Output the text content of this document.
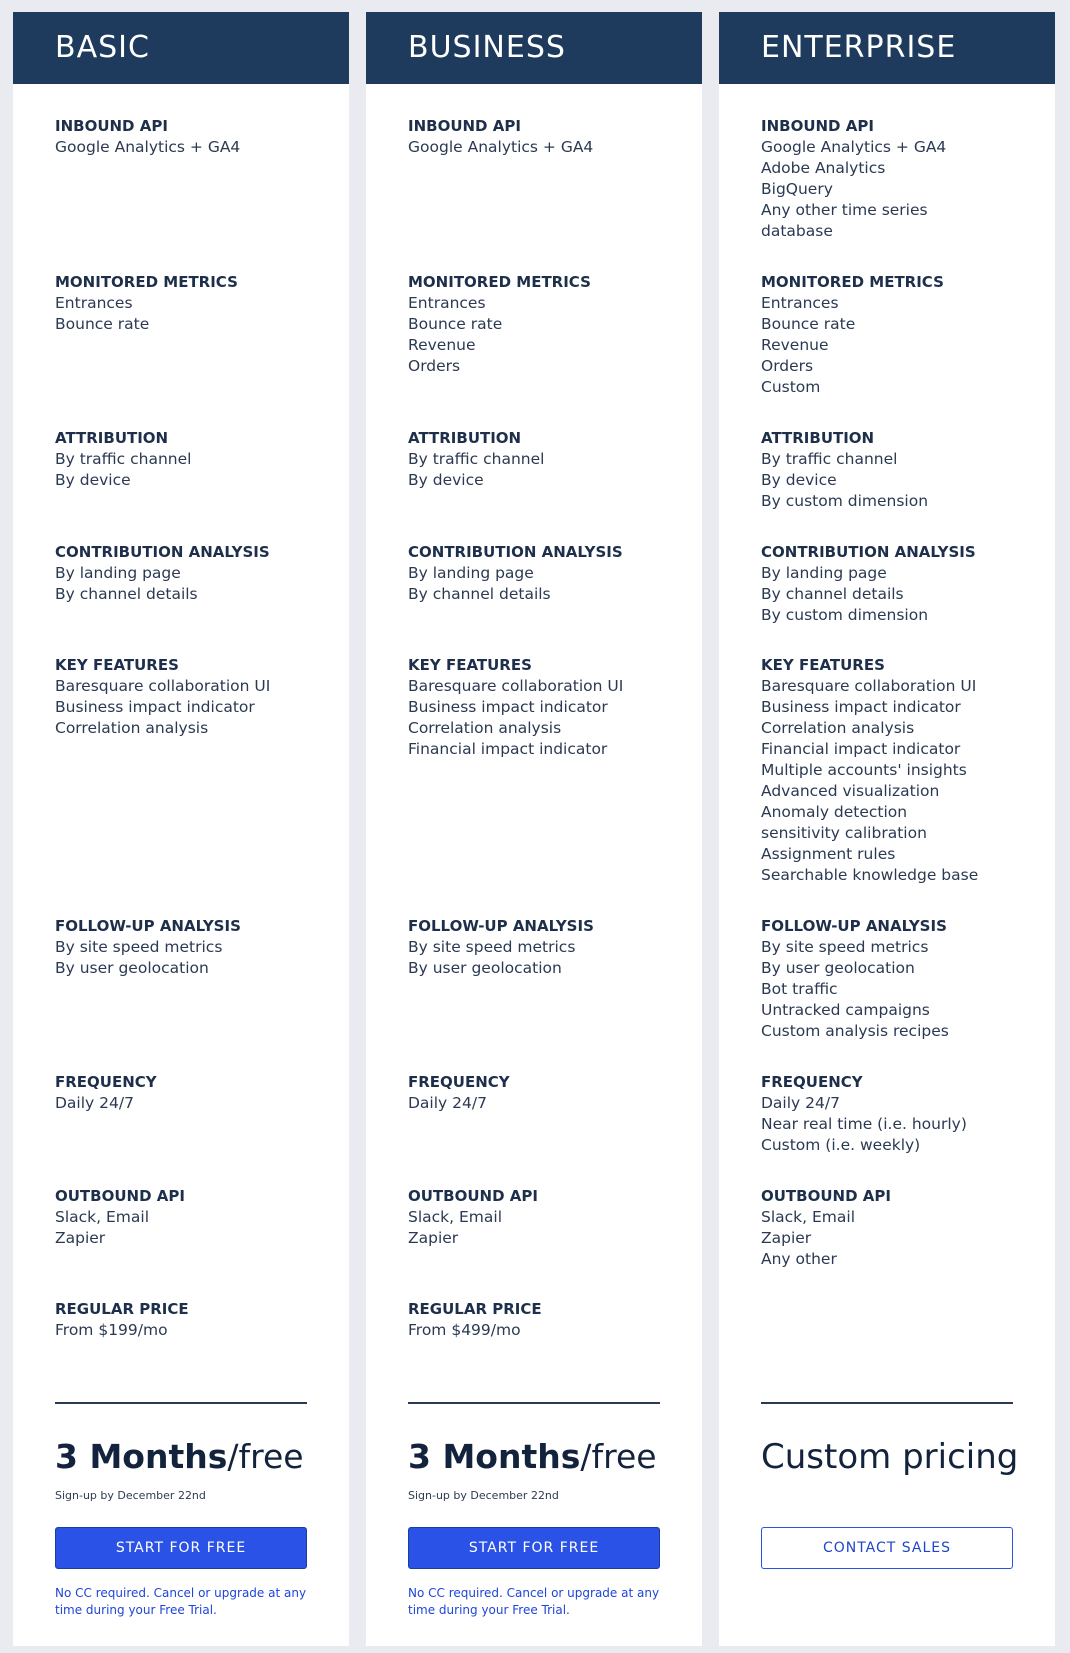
BASIC
INBOUND API
Google Analytics + GA4
MONITORED METRICS
Entrances
Bounce rate
ATTRIBUTION
By traffic channel
By device
CONTRIBUTION ANALYSIS
By landing page
By channel details
KEY FEATURES
Baresquare collaboration UI
Business impact indicator
Correlation analysis
FOLLOW-UP ANALYSIS
By site speed metrics
By user geolocation
FREQUENCY
Daily 24/7
OUTBOUND API
Slack, Email
Zapier
REGULAR PRICE
From $199/mo
3 Months/free
Sign-up by December 22nd
START FOR FREE
No CC required. Cancel or upgrade at any time during your Free Trial.
BUSINESS
INBOUND API
Google Analytics + GA4
MONITORED METRICS
Entrances
Bounce rate
Revenue
Orders
ATTRIBUTION
By traffic channel
By device
CONTRIBUTION ANALYSIS
By landing page
By channel details
KEY FEATURES
Baresquare collaboration UI
Business impact indicator
Correlation analysis
Financial impact indicator
FOLLOW-UP ANALYSIS
By site speed metrics
By user geolocation
FREQUENCY
Daily 24/7
OUTBOUND API
Slack, Email
Zapier
REGULAR PRICE
From $499/mo
3 Months/free
Sign-up by December 22nd
START FOR FREE
No CC required. Cancel or upgrade at any time during your Free Trial.
ENTERPRISE
INBOUND API
Google Analytics + GA4
Adobe Analytics
BigQuery
Any other time series
database
MONITORED METRICS
Entrances
Bounce rate
Revenue
Orders
Custom
ATTRIBUTION
By traffic channel
By device
By custom dimension
CONTRIBUTION ANALYSIS
By landing page
By channel details
By custom dimension
KEY FEATURES
Baresquare collaboration UI
Business impact indicator
Correlation analysis
Financial impact indicator
Multiple accounts' insights
Advanced visualization
Anomaly detection
sensitivity calibration
Assignment rules
Searchable knowledge base
FOLLOW-UP ANALYSIS
By site speed metrics
By user geolocation
Bot traffic
Untracked campaigns
Custom analysis recipes
FREQUENCY
Daily 24/7
Near real time (i.e. hourly)
Custom (i.e. weekly)
OUTBOUND API
Slack, Email
Zapier
Any other
Custom pricing
CONTACT SALES
